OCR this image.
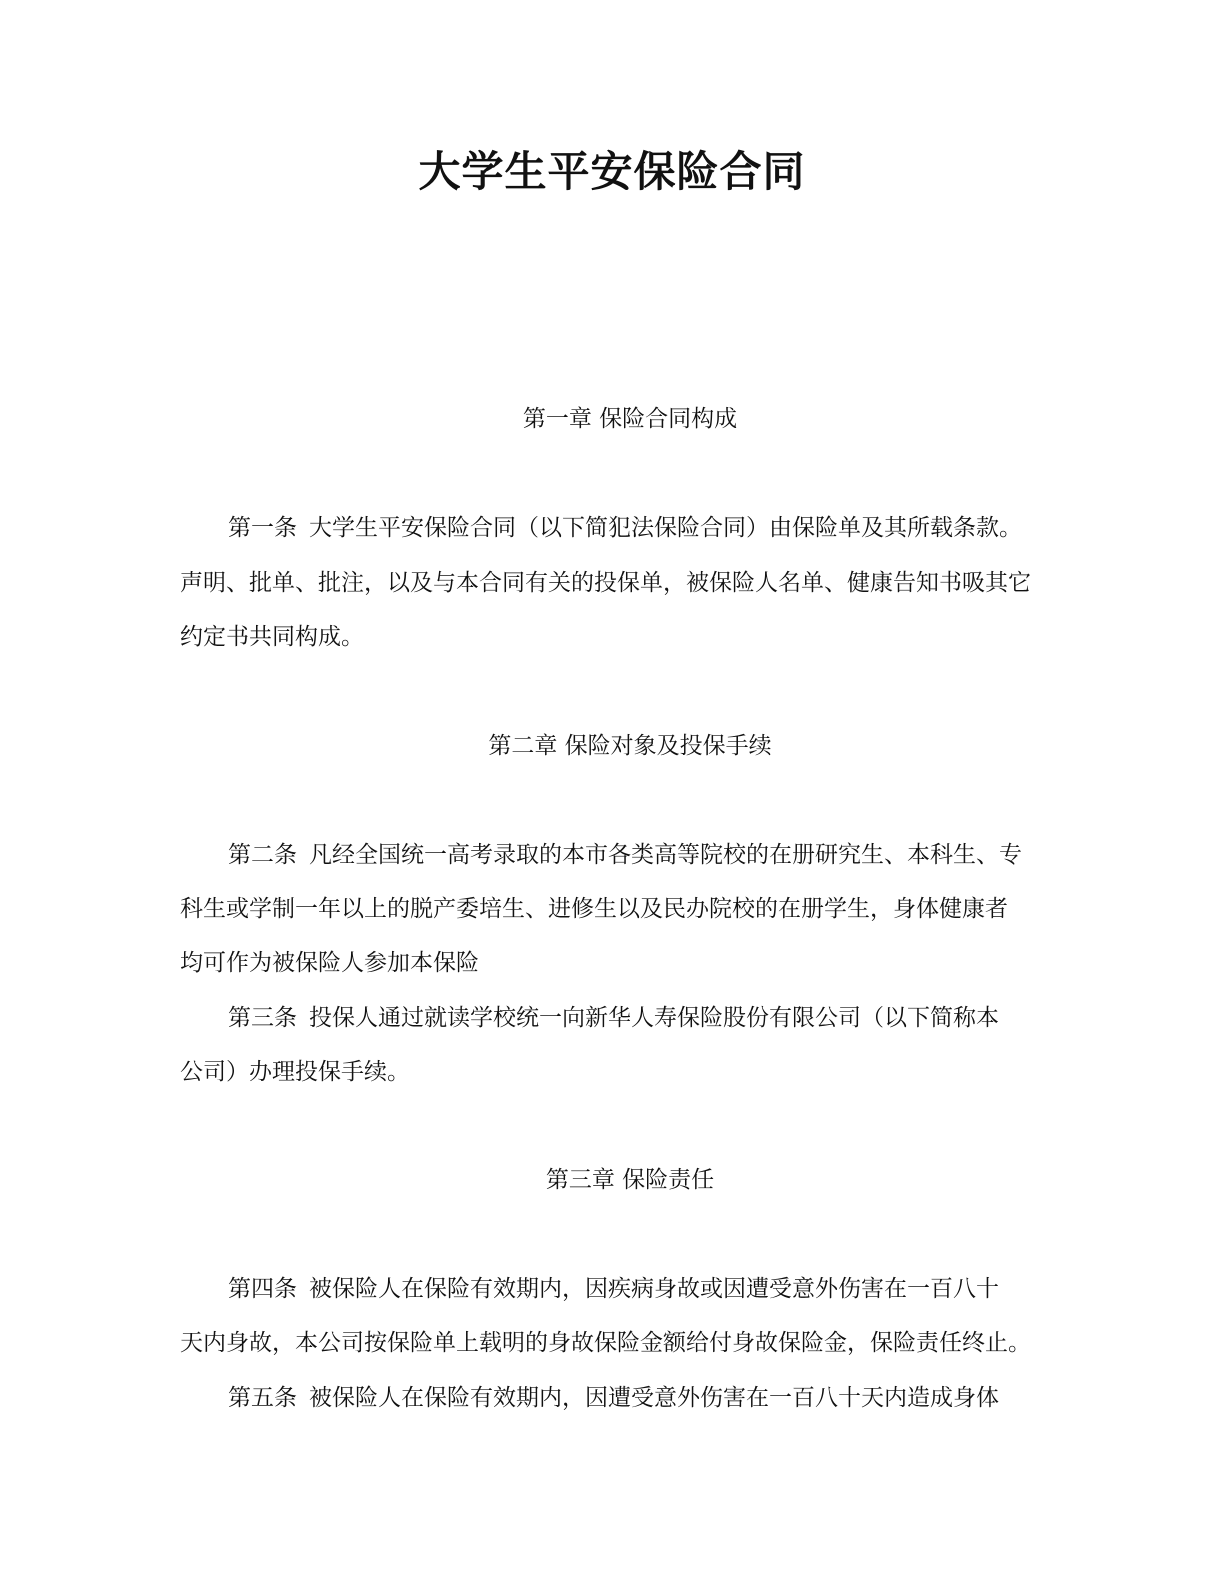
大学生平安保险合同

第一章 保险合同构成

第一条 大学生平安保险合同（以下简犯法保险合同）由保险单及其所载条款。

声明、批单、批注，以及与本合同有关的投保单，被保险人名单、健康告知书吸其它

约定书共同构成。

第二章 保险对象及投保手续

第二条 凡经全国统一高考录取的本市各类高等院校的在册研究生、本科生、专

科生或学制一年以上的脱产委培生、进修生以及民办院校的在册学生，身体健康者

均可作为被保险人参加本保险

第三条 投保人通过就读学校统一向新华人寿保险股份有限公司（以下简称本

公司）办理投保手续。

第三章 保险责任

第四条 被保险人在保险有效期内，因疾病身故或因遭受意外伤害在一百八十

天内身故，本公司按保险单上载明的身故保险金额给付身故保险金，保险责任终止。

第五条 被保险人在保险有效期内，因遭受意外伤害在一百八十天内造成身体
